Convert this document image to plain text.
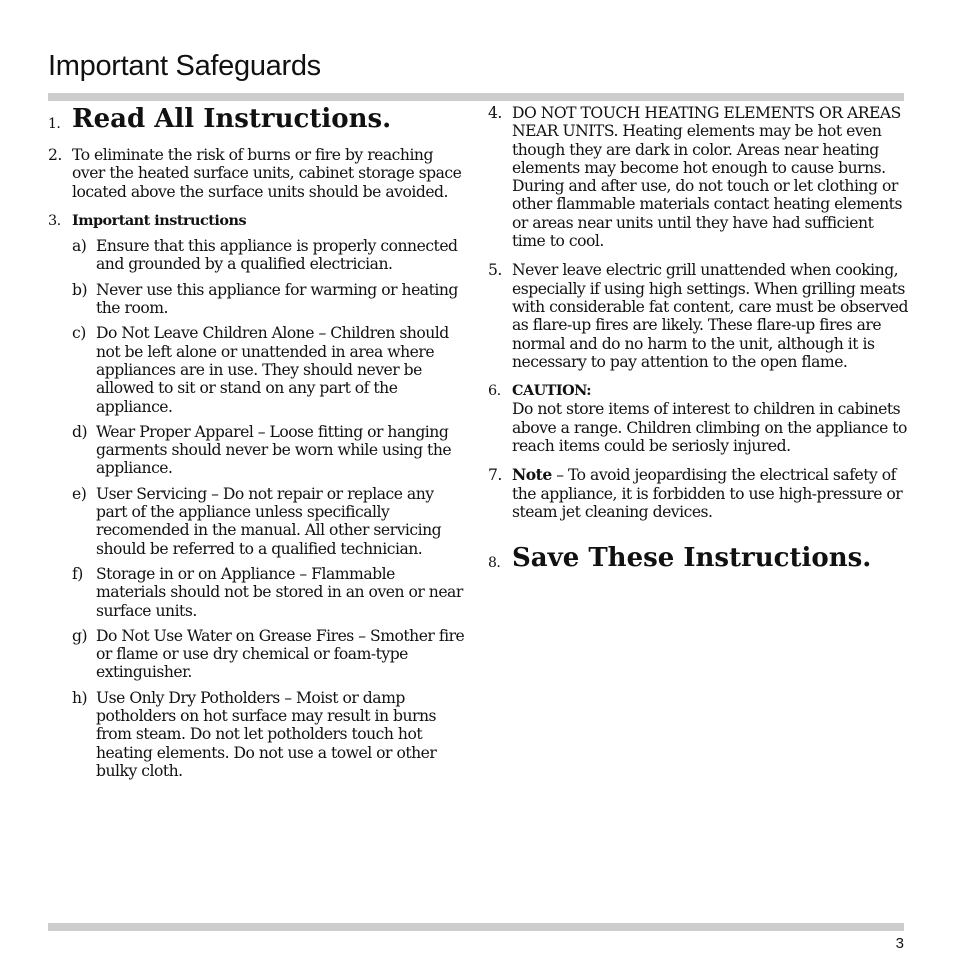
Important Safeguards
1. Read All Instructions.
2. To eliminate the risk of burns or fire by reaching over the heated surface units, cabinet storage space located above the surface units should be avoided.
3. Important instructions
a) Ensure that this appliance is properly connected and grounded by a qualified electrician.
b) Never use this appliance for warming or heating the room.
c) Do Not Leave Children Alone – Children should not be left alone or unattended in area where appliances are in use. They should never be allowed to sit or stand on any part of the appliance.
d) Wear Proper Apparel – Loose fitting or hanging garments should never be worn while using the appliance.
e) User Servicing – Do not repair or replace any part of the appliance unless specifically recomended in the manual. All other servicing should be referred to a qualified technician.
f) Storage in or on Appliance – Flammable materials should not be stored in an oven or near surface units.
g) Do Not Use Water on Grease Fires – Smother fire or flame or use dry chemical or foam-type extinguisher.
h) Use Only Dry Potholders – Moist or damp potholders on hot surface may result in burns from steam. Do not let potholders touch hot heating elements. Do not use a towel or other bulky cloth.
4. DO NOT TOUCH HEATING ELEMENTS OR AREAS NEAR UNITS. Heating elements may be hot even though they are dark in color. Areas near heating elements may become hot enough to cause burns. During and after use, do not touch or let clothing or other flammable materials contact heating elements or areas near units until they have had sufficient time to cool.
5. Never leave electric grill unattended when cooking, especially if using high settings. When grilling meats with considerable fat content, care must be observed as flare-up fires are likely. These flare-up fires are normal and do no harm to the unit, although it is necessary to pay attention to the open flame.
6. CAUTION:
Do not store items of interest to children in cabinets above a range. Children climbing on the appliance to reach items could be seriosly injured.
7. Note – To avoid jeopardising the electrical safety of the appliance, it is forbidden to use high-pressure or steam jet cleaning devices.
8. Save These Instructions.
3
